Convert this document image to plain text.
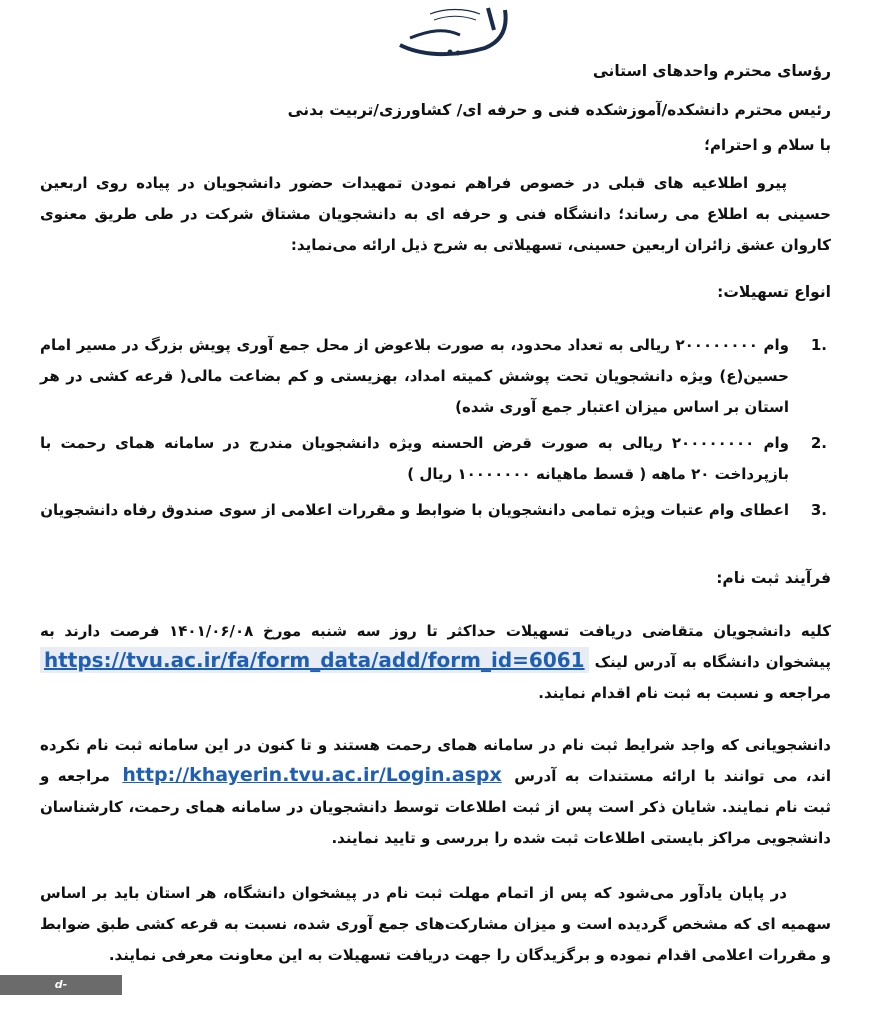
رؤسای محترم واحدهای استانی
رئیس محترم دانشکده/آموزشکده فنی و حرفه ای/ کشاورزی/تربیت بدنی
با سلام و احترام؛
پیرو اطلاعیه های قبلی در خصوص فراهم نمودن تمهیدات حضور دانشجویان در پیاده روی اربعین حسینی به اطلاع می رساند؛ دانشگاه فنی و حرفه ای به دانشجویان مشتاق شرکت در طی طریق معنوی کاروان عشق زائران اربعین حسینی، تسهیلاتی به شرح ذیل ارائه می‌نماید:
انواع تسهیلات:
.1
وام ۲۰۰۰۰۰۰۰۰ ریالی به تعداد محدود، به صورت بلاعوض از محل جمع آوری پویش بزرگ در مسیر امام حسین(ع) ویژه دانشجویان تحت پوشش کمیته امداد، بهزیستی و کم بضاعت مالی( قرعه کشی در هر استان بر اساس میزان اعتبار جمع آوری شده)
.2
وام ۲۰۰۰۰۰۰۰۰ ریالی به صورت قرض الحسنه ویژه دانشجویان مندرج در سامانه همای رحمت با بازپرداخت ۲۰ ماهه ( قسط ماهیانه ۱۰۰۰۰۰۰۰ ریال )
.3
اعطای وام عتبات ویژه تمامی دانشجویان با ضوابط و مقررات اعلامی از سوی صندوق رفاه دانشجویان
فرآیند ثبت نام:
کلیه دانشجویان متقاضی دریافت تسهیلات حداکثر تا روز سه شنبه مورخ ۱۴۰۱/۰۶/۰۸ فرصت دارند به پیشخوان دانشگاه به آدرس لینک https://tvu.ac.ir/fa/form_data/add/form_id=6061 مراجعه و نسبت به ثبت نام اقدام نمایند.
دانشجویانی که واجد شرایط ثبت نام در سامانه همای رحمت هستند و تا کنون در این سامانه ثبت نام نکرده اند، می توانند با ارائه مستندات به آدرس http://khayerin.tvu.ac.ir/Login.aspx مراجعه و ثبت نام نمایند. شایان ذکر است پس از ثبت اطلاعات توسط دانشجویان در سامانه همای رحمت، کارشناسان دانشجویی مراکز بایستی اطلاعات ثبت شده را بررسی و تایید نمایند.
در پایان یادآور می‌شود که پس از اتمام مهلت ثبت نام در پیشخوان دانشگاه، هر استان باید بر اساس سهمیه ای که مشخص گردیده است و میزان مشارکت‌های جمع آوری شده، نسبت به قرعه کشی طبق ضوابط و مقررات اعلامی اقدام نموده و برگزیدگان را جهت دریافت تسهیلات به این معاونت معرفی نمایند.
d-boroujerd.nus.ac.ir
